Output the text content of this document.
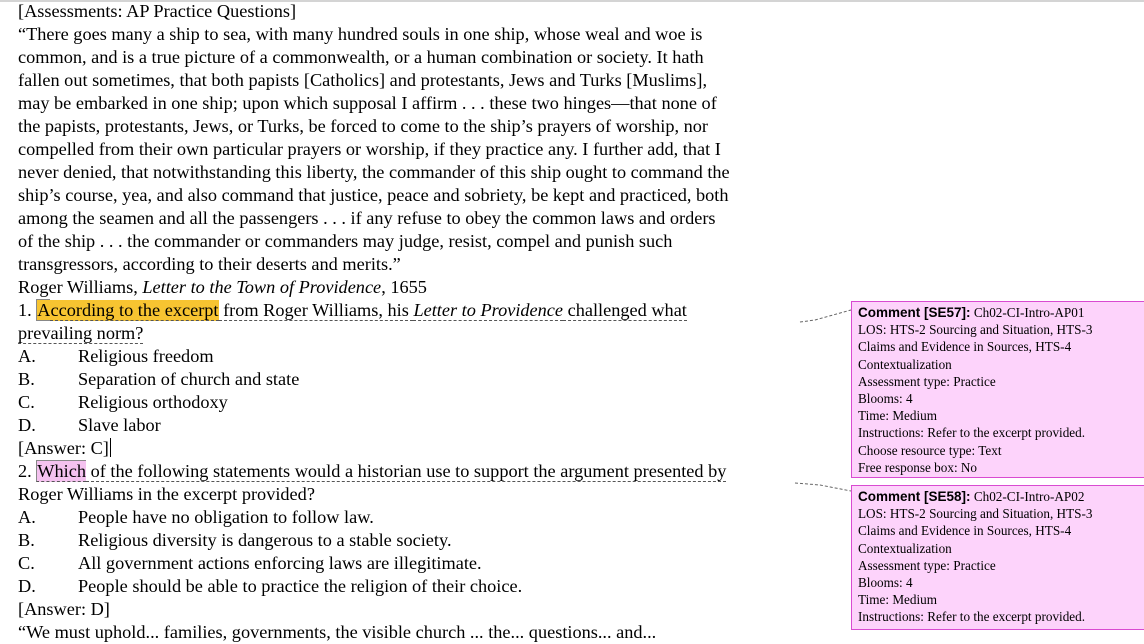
[Assessments: AP Practice Questions]
“There goes many a ship to sea, with many hundred souls in one ship, whose weal and woe is
common, and is a true picture of a commonwealth, or a human combination or society. It hath
fallen out sometimes, that both papists [Catholics] and protestants, Jews and Turks [Muslims],
may be embarked in one ship; upon which supposal I affirm . . . these two hinges—that none of
the papists, protestants, Jews, or Turks, be forced to come to the ship’s prayers of worship, nor
compelled from their own particular prayers or worship, if they practice any. I further add, that I
never denied, that notwithstanding this liberty, the commander of this ship ought to command the
ship’s course, yea, and also command that justice, peace and sobriety, be kept and practiced, both
among the seamen and all the passengers . . . if any refuse to obey the common laws and orders
of the ship . . . the commander or commanders may judge, resist, compel and punish such
transgressors, according to their deserts and merits.”
Roger Williams, Letter to the Town of Providence, 1655
1. According to the excerpt from Roger Williams, his Letter to Providence challenged what
prevailing norm?
A. Religious freedom
B. Separation of church and state
C. Religious orthodoxy
D. Slave labor
[Answer: C]
2. Which of the following statements would a historian use to support the argument presented by
Roger Williams in the excerpt provided?
A. People have no obligation to follow law.
B. Religious diversity is dangerous to a stable society.
C. All government actions enforcing laws are illegitimate.
D. People should be able to practice the religion of their choice.
[Answer: D]
“We must uphold... families, governments, the visible church ... the... questions... and...
Comment [SE57]: Ch02-CI-Intro-AP01
LOS: HTS-2 Sourcing and Situation, HTS-3
Claims and Evidence in Sources, HTS-4
Contextualization
Assessment type: Practice
Blooms: 4
Time: Medium
Instructions: Refer to the excerpt provided.
Choose resource type: Text
Free response box: No
Comment [SE58]: Ch02-CI-Intro-AP02
LOS: HTS-2 Sourcing and Situation, HTS-3
Claims and Evidence in Sources, HTS-4
Contextualization
Assessment type: Practice
Blooms: 4
Time: Medium
Instructions: Refer to the excerpt provided.
